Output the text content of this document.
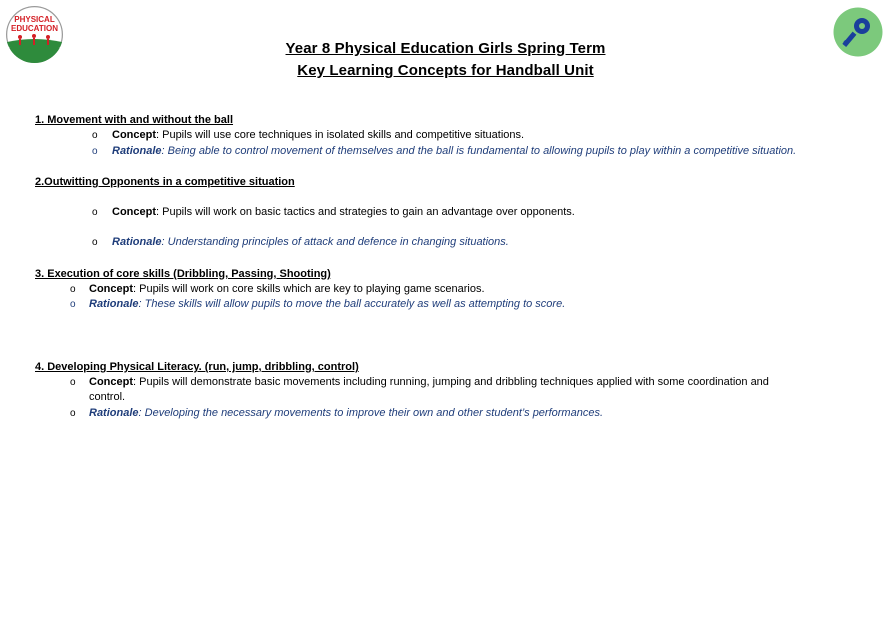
PHYSICAL
EDUCATION
Year 8 Physical Education Girls Spring Term
Key Learning Concepts for Handball Unit
1. Movement with and without the ball
o Concept: Pupils will use core techniques in isolated skills and competitive situations.
o Rationale: Being able to control movement of themselves and the ball is fundamental to allowing pupils to play within a competitive situation.
2.Outwitting Opponents in a competitive situation
o Concept: Pupils will work on basic tactics and strategies to gain an advantage over opponents.
o Rationale: Understanding principles of attack and defence in changing situations.
3. Execution of core skills (Dribbling, Passing, Shooting)
o Concept: Pupils will work on core skills which are key to playing game scenarios.
o Rationale: These skills will allow pupils to move the ball accurately as well as attempting to score.
4. Developing Physical Literacy. (run, jump, dribbling, control)
o Concept: Pupils will demonstrate basic movements including running, jumping and dribbling techniques applied with some coordination and
control.
o Rationale: Developing the necessary movements to improve their own and other student’s performances.
